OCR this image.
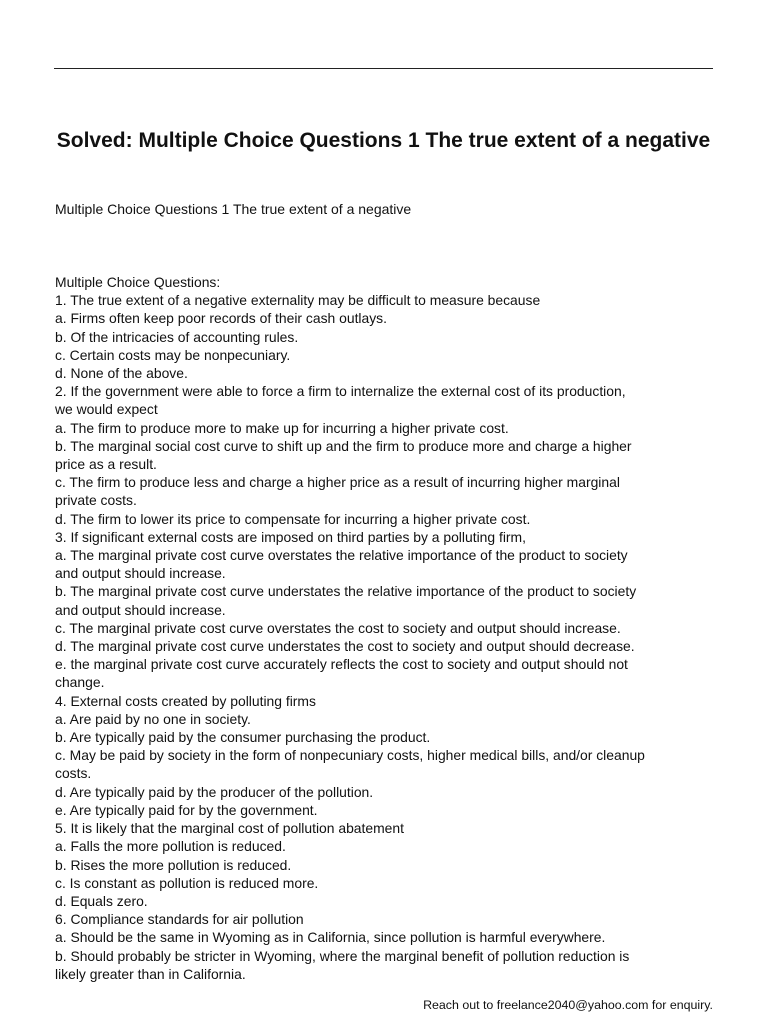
Solved: Multiple Choice Questions 1 The true extent of a negative

Multiple Choice Questions 1 The true extent of a negative

Multiple Choice Questions:
1. The true extent of a negative externality may be difficult to measure because
a. Firms often keep poor records of their cash outlays.
b. Of the intricacies of accounting rules.
c. Certain costs may be nonpecuniary.
d. None of the above.
2. If the government were able to force a firm to internalize the external cost of its production,
we would expect
a. The firm to produce more to make up for incurring a higher private cost.
b. The marginal social cost curve to shift up and the firm to produce more and charge a higher
price as a result.
c. The firm to produce less and charge a higher price as a result of incurring higher marginal
private costs.
d. The firm to lower its price to compensate for incurring a higher private cost.
3. If significant external costs are imposed on third parties by a polluting firm,
a. The marginal private cost curve overstates the relative importance of the product to society
and output should increase.
b. The marginal private cost curve understates the relative importance of the product to society
and output should increase.
c. The marginal private cost curve overstates the cost to society and output should increase.
d. The marginal private cost curve understates the cost to society and output should decrease.
e. the marginal private cost curve accurately reflects the cost to society and output should not
change.
4. External costs created by polluting firms
a. Are paid by no one in society.
b. Are typically paid by the consumer purchasing the product.
c. May be paid by society in the form of nonpecuniary costs, higher medical bills, and/or cleanup
costs.
d. Are typically paid by the producer of the pollution.
e. Are typically paid for by the government.
5. It is likely that the marginal cost of pollution abatement
a. Falls the more pollution is reduced.
b. Rises the more pollution is reduced.
c. Is constant as pollution is reduced more.
d. Equals zero.
6. Compliance standards for air pollution
a. Should be the same in Wyoming as in California, since pollution is harmful everywhere.
b. Should probably be stricter in Wyoming, where the marginal benefit of pollution reduction is
likely greater than in California.
Reach out to freelance2040@yahoo.com for enquiry.
